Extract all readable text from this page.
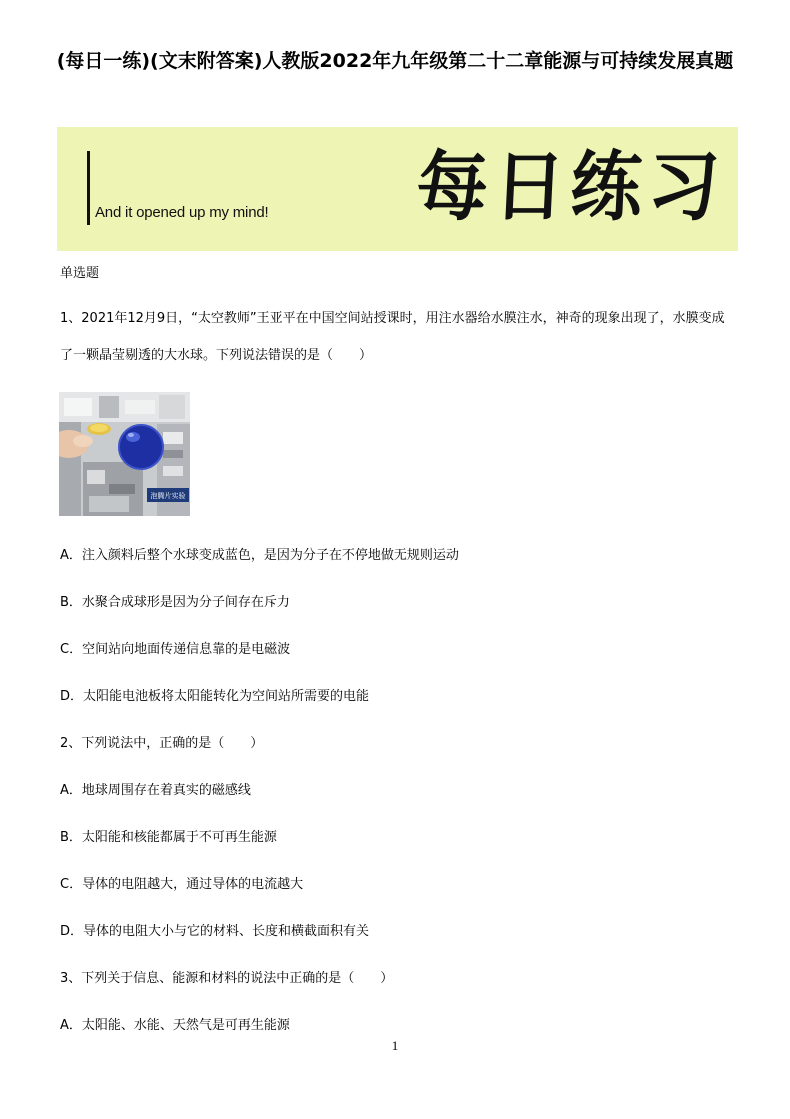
(每日一练)(文末附答案)人教版2022年九年级第二十二章能源与可持续发展真题
And it opened up my mind! 每日练习
单选题

1、2021年12月9日，“太空教师”王亚平在中国空间站授课时，用注水器给水膜注水，神奇的现象出现了，水膜变成了一颗晶莹剔透的大水球。下列说法错误的是（　　）

泡腾片实验
A．注入颜料后整个水球变成蓝色，是因为分子在不停地做无规则运动
B．水聚合成球形是因为分子间存在斥力
C．空间站向地面传递信息靠的是电磁波
D．太阳能电池板将太阳能转化为空间站所需要的电能
2、下列说法中，正确的是（　　）
A．地球周围存在着真实的磁感线
B．太阳能和核能都属于不可再生能源
C．导体的电阻越大，通过导体的电流越大
D．导体的电阻大小与它的材料、长度和横截面积有关
3、下列关于信息、能源和材料的说法中正确的是（　　）
A．太阳能、水能、天然气是可再生能源
1
